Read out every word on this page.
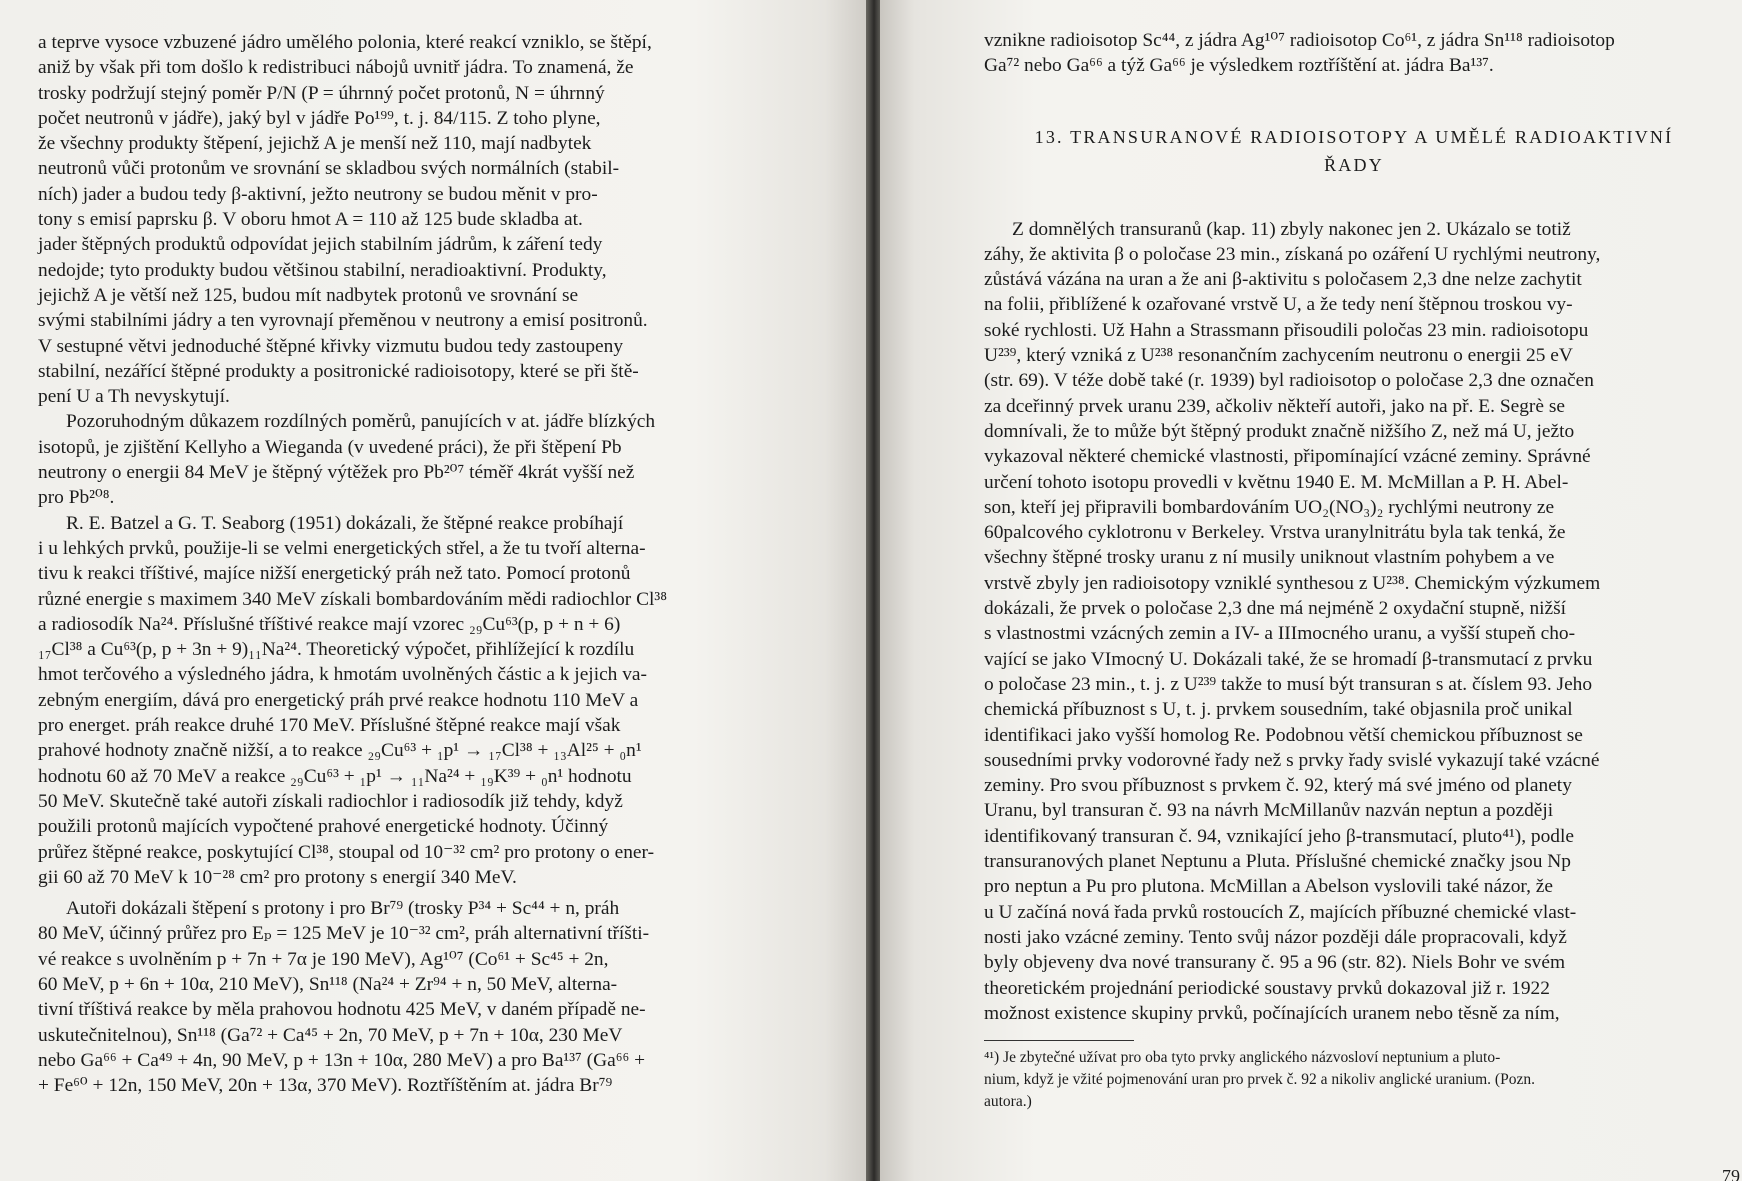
a teprve vysoce vzbuzené jádro umělého polonia, které reakcí vzniklo, se štěpí,
aniž by však při tom došlo k redistribuci nábojů uvnitř jádra. To znamená, že
trosky podržují stejný poměr P/N (P = úhrnný počet protonů, N = úhrnný
počet neutronů v jádře), jaký byl v jádře Po¹⁹⁹, t. j. 84/115. Z toho plyne,
že všechny produkty štěpení, jejichž A je menší než 110, mají nadbytek
neutronů vůči protonům ve srovnání se skladbou svých normálních (stabil-
ních) jader a budou tedy β-aktivní, ježto neutrony se budou měnit v pro-
tony s emisí paprsku β. V oboru hmot A = 110 až 125 bude skladba at.
jader štěpných produktů odpovídat jejich stabilním jádrům, k záření tedy
nedojde; tyto produkty budou většinou stabilní, neradioaktivní. Produkty,
jejichž A je větší než 125, budou mít nadbytek protonů ve srovnání se
svými stabilními jádry a ten vyrovnají přeměnou v neutrony a emisí positronů.
V sestupné větvi jednoduché štěpné křivky vizmutu budou tedy zastoupeny
stabilní, nezářící štěpné produkty a positronické radioisotopy, které se při ště-
pení U a Th nevyskytují.

Pozoruhodným důkazem rozdílných poměrů, panujících v at. jádře blízkých
isotopů, je zjištění Kellyho a Wieganda (v uvedené práci), že při štěpení Pb
neutrony o energii 84 MeV je štěpný výtěžek pro Pb²⁰⁷ téměř 4krát vyšší než
pro Pb²⁰⁸.

R. E. Batzel a G. T. Seaborg (1951) dokázali, že štěpné reakce probíhají
i u lehkých prvků, použije-li se velmi energetických střel, a že tu tvoří alterna-
tivu k reakci tříštivé, majíce nižší energetický práh než tato. Pomocí protonů
různé energie s maximem 340 MeV získali bombardováním mědi radiochlor Cl³⁸
a radiosodík Na²⁴. Příslušné tříštivé reakce mají vzorec ₂₉Cu⁶³(p, p + n + 6)
₁₇Cl³⁸ a Cu⁶³(p, p + 3n + 9)₁₁Na²⁴. Theoretický výpočet, přihlížející k rozdílu
hmot terčového a výsledného jádra, k hmotám uvolněných částic a k jejich va-
zebným energiím, dává pro energetický práh prvé reakce hodnotu 110 MeV a
pro energet. práh reakce druhé 170 MeV. Příslušné štěpné reakce mají však
prahové hodnoty značně nižší, a to reakce ₂₉Cu⁶³ + ₁p¹ → ₁₇Cl³⁸ + ₁₃Al²⁵ + ₀n¹
hodnotu 60 až 70 MeV a reakce ₂₉Cu⁶³ + ₁p¹ → ₁₁Na²⁴ + ₁₉K³⁹ + ₀n¹ hodnotu
50 MeV. Skutečně také autoři získali radiochlor i radiosodík již tehdy, když
použili protonů majících vypočtené prahové energetické hodnoty. Účinný
průřez štěpné reakce, poskytující Cl³⁸, stoupal od 10⁻³² cm² pro protony o ener-
gii 60 až 70 MeV k 10⁻²⁸ cm² pro protony s energií 340 MeV.

Autoři dokázali štěpení s protony i pro Br⁷⁹ (trosky P³⁴ + Sc⁴⁴ + n, práh
80 MeV, účinný průřez pro Eₚ = 125 MeV je 10⁻³² cm², práh alternativní tříšti-
vé reakce s uvolněním p + 7n + 7α je 190 MeV), Ag¹⁰⁷ (Co⁶¹ + Sc⁴⁵ + 2n,
60 MeV, p + 6n + 10α, 210 MeV), Sn¹¹⁸ (Na²⁴ + Zr⁹⁴ + n, 50 MeV, alterna-
tivní tříštivá reakce by měla prahovou hodnotu 425 MeV, v daném případě ne-
uskutečnitelnou), Sn¹¹⁸ (Ga⁷² + Ca⁴⁵ + 2n, 70 MeV, p + 7n + 10α, 230 MeV
nebo Ga⁶⁶ + Ca⁴⁹ + 4n, 90 MeV, p + 13n + 10α, 280 MeV) a pro Ba¹³⁷ (Ga⁶⁶ +
+ Fe⁶⁰ + 12n, 150 MeV, 20n + 13α, 370 MeV). Roztříštěním at. jádra Br⁷⁹

vznikne radioisotop Sc⁴⁴, z jádra Ag¹⁰⁷ radioisotop Co⁶¹, z jádra Sn¹¹⁸ radioisotop
Ga⁷² nebo Ga⁶⁶ a týž Ga⁶⁶ je výsledkem roztříštění at. jádra Ba¹³⁷.

13. TRANSURANOVÉ RADIOISOTOPY A UMĚLÉ RADIOAKTIVNÍ
ŘADY

Z domnělých transuranů (kap. 11) zbyly nakonec jen 2. Ukázalo se totiž
záhy, že aktivita β o poločase 23 min., získaná po ozáření U rychlými neutrony,
zůstává vázána na uran a že ani β-aktivitu s poločasem 2,3 dne nelze zachytit
na folii, přiblížené k ozařované vrstvě U, a že tedy není štěpnou troskou vy-
soké rychlosti. Už Hahn a Strassmann přisoudili poločas 23 min. radioisotopu
U²³⁹, který vzniká z U²³⁸ resonančním zachycením neutronu o energii 25 eV
(str. 69). V téže době také (r. 1939) byl radioisotop o poločase 2,3 dne označen
za dceřinný prvek uranu 239, ačkoliv někteří autoři, jako na př. E. Segrè se
domnívali, že to může být štěpný produkt značně nižšího Z, než má U, ježto
vykazoval některé chemické vlastnosti, připomínající vzácné zeminy. Správné
určení tohoto isotopu provedli v květnu 1940 E. M. McMillan a P. H. Abel-
son, kteří jej připravili bombardováním UO₂(NO₃)₂ rychlými neutrony ze
60palcového cyklotronu v Berkeley. Vrstva uranylnitrátu byla tak tenká, že
všechny štěpné trosky uranu z ní musily uniknout vlastním pohybem a ve
vrstvě zbyly jen radioisotopy vzniklé synthesou z U²³⁸. Chemickým výzkumem
dokázali, že prvek o poločase 2,3 dne má nejméně 2 oxydační stupně, nižší
s vlastnostmi vzácných zemin a IV- a IIImocného uranu, a vyšší stupeň cho-
vající se jako VImocný U. Dokázali také, že se hromadí β-transmutací z prvku
o poločase 23 min., t. j. z U²³⁹ takže to musí být transuran s at. číslem 93. Jeho
chemická příbuznost s U, t. j. prvkem sousedním, také objasnila proč unikal
identifikaci jako vyšší homolog Re. Podobnou větší chemickou příbuznost se
sousedními prvky vodorovné řady než s prvky řady svislé vykazují také vzácné
zeminy. Pro svou příbuznost s prvkem č. 92, který má své jméno od planety
Uranu, byl transuran č. 93 na návrh McMillanův nazván neptun a později
identifikovaný transuran č. 94, vznikající jeho β-transmutací, pluto⁴¹), podle
transuranových planet Neptunu a Pluta. Příslušné chemické značky jsou Np
pro neptun a Pu pro plutona. McMillan a Abelson vyslovili také názor, že
u U začíná nová řada prvků rostoucích Z, majících příbuzné chemické vlast-
nosti jako vzácné zeminy. Tento svůj názor později dále propracovali, když
byly objeveny dva nové transurany č. 95 a 96 (str. 82). Niels Bohr ve svém
theoretickém projednání periodické soustavy prvků dokazoval již r. 1922
možnost existence skupiny prvků, počínajících uranem nebo těsně za ním,

⁴¹) Je zbytečné užívat pro oba tyto prvky anglického názvosloví neptunium a pluto-
nium, když je vžité pojmenování uran pro prvek č. 92 a nikoliv anglické uranium. (Pozn.
autora.)

79
